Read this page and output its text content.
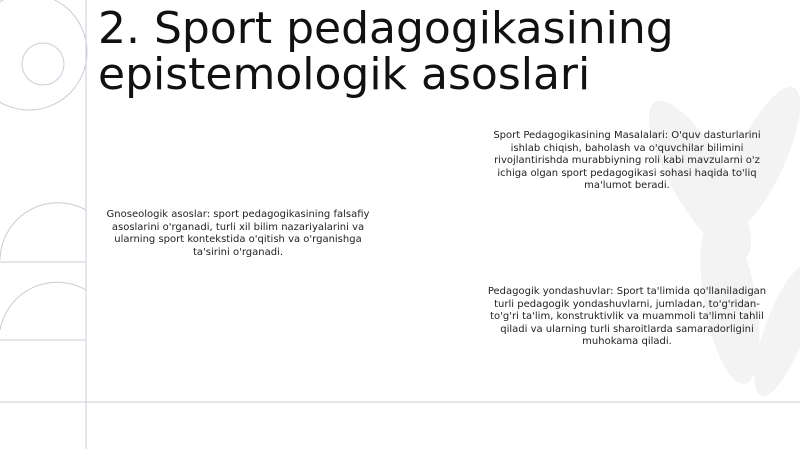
2. Sport pedagogikasining epistemologik asoslari

Gnoseologik asoslar: sport pedagogikasining falsafiy asoslarini o'rganadi, turli xil bilim nazariyalarini va ularning sport kontekstida o'qitish va o'rganishga ta'sirini o'rganadi.

Sport Pedagogikasining Masalalari: O'quv dasturlarini ishlab chiqish, baholash va o'quvchilar bilimini rivojlantirishda murabbiyning roli kabi mavzularni o'z ichiga olgan sport pedagogikasi sohasi haqida to'liq ma'lumot beradi.

Pedagogik yondashuvlar: Sport ta'limida qo'llaniladigan turli pedagogik yondashuvlarni, jumladan, to'g'ridan-to'g'ri ta'lim, konstruktivlik va muammoli ta'limni tahlil qiladi va ularning turli sharoitlarda samaradorligini muhokama qiladi.
